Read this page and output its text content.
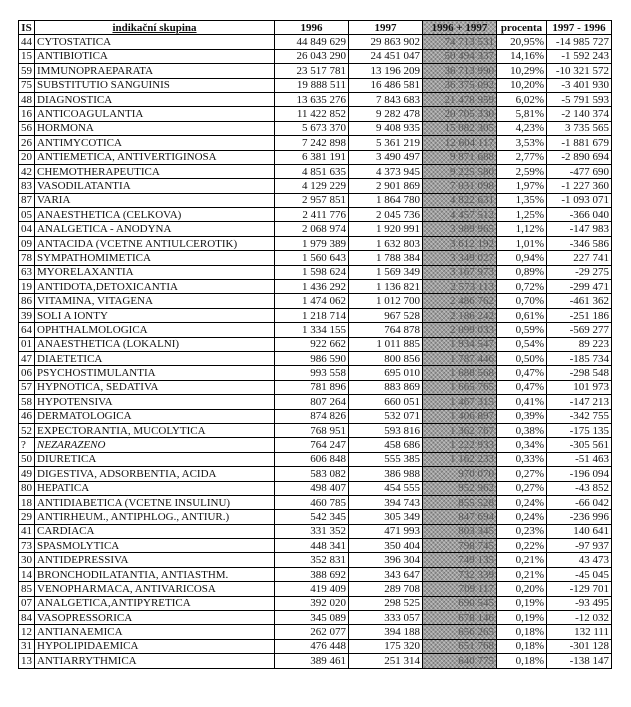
IS	indikační skupina	1996	1997	1996 + 1997	procenta	1997 - 1996
44	CYTOSTATICA	44 849 629	29 863 902	74 713 531	20,95%	-14 985 727
15	ANTIBIOTICA	26 043 290	24 451 047	50 494 337	14,16%	-1 592 243
59	IMMUNOPRAEPARATA	23 517 781	13 196 209	36 713 990	10,29%	-10 321 572
75	SUBSTITUTIO SANGUINIS	19 888 511	16 486 581	36 375 092	10,20%	-3 401 930
48	DIAGNOSTICA	13 635 276	7 843 683	21 478 959	6,02%	-5 791 593
16	ANTICOAGULANTIA	11 422 852	9 282 478	20 705 330	5,81%	-2 140 374
56	HORMONA	5 673 370	9 408 935	15 082 305	4,23%	3 735 565
26	ANTIMYCOTICA	7 242 898	5 361 219	12 604 117	3,53%	-1 881 679
20	ANTIEMETICA, ANTIVERTIGINOSA	6 381 191	3 490 497	9 871 688	2,77%	-2 890 694
42	CHEMOTHERAPEUTICA	4 851 635	4 373 945	9 225 580	2,59%	-477 690
83	VASODILATANTIA	4 129 229	2 901 869	7 031 098	1,97%	-1 227 360
87	VARIA	2 957 851	1 864 780	4 822 631	1,35%	-1 093 071
05	ANAESTHETICA (CELKOVA)	2 411 776	2 045 736	4 457 512	1,25%	-366 040
04	ANALGETICA - ANODYNA	2 068 974	1 920 991	3 989 965	1,12%	-147 983
09	ANTACIDA (VCETNE ANTIULCEROTIK)	1 979 389	1 632 803	3 612 192	1,01%	-346 586
78	SYMPATHOMIMETICA	1 560 643	1 788 384	3 349 027	0,94%	227 741
63	MYORELAXANTIA	1 598 624	1 569 349	3 167 973	0,89%	-29 275
19	ANTIDOTA,DETOXICANTIA	1 436 292	1 136 821	2 573 113	0,72%	-299 471
86	VITAMINA, VITAGENA	1 474 062	1 012 700	2 486 762	0,70%	-461 362
39	SOLI A IONTY	1 218 714	967 528	2 186 242	0,61%	-251 186
64	OPHTHALMOLOGICA	1 334 155	764 878	2 099 033	0,59%	-569 277
01	ANAESTHETICA (LOKALNI)	922 662	1 011 885	1 934 547	0,54%	89 223
47	DIAETETICA	986 590	800 856	1 787 446	0,50%	-185 734
06	PSYCHOSTIMULANTIA	993 558	695 010	1 688 568	0,47%	-298 548
57	HYPNOTICA, SEDATIVA	781 896	883 869	1 665 765	0,47%	101 973
58	HYPOTENSIVA	807 264	660 051	1 467 315	0,41%	-147 213
46	DERMATOLOGICA	874 826	532 071	1 406 897	0,39%	-342 755
52	EXPECTORANTIA, MUCOLYTICA	768 951	593 816	1 362 767	0,38%	-175 135
?	NEZARAZENO	764 247	458 686	1 222 933	0,34%	-305 561
50	DIURETICA	606 848	555 385	1 162 233	0,33%	-51 463
49	DIGESTIVA, ADSORBENTIA, ACIDA	583 082	386 988	970 070	0,27%	-196 094
80	HEPATICA	498 407	454 555	952 962	0,27%	-43 852
18	ANTIDIABETICA (VCETNE INSULINU)	460 785	394 743	855 528	0,24%	-66 042
29	ANTIRHEUM., ANTIPHLOG., ANTIUR.)	542 345	305 349	847 694	0,24%	-236 996
41	CARDIACA	331 352	471 993	803 345	0,23%	140 641
73	SPASMOLYTICA	448 341	350 404	798 745	0,22%	-97 937
30	ANTIDEPRESSIVA	352 831	396 304	749 135	0,21%	43 473
14	BRONCHODILATANTIA, ANTIASTHM.	388 692	343 647	732 339	0,21%	-45 045
85	VENOPHARMACA, ANTIVARICOSA	419 409	289 708	709 117	0,20%	-129 701
07	ANALGETICA,ANTIPYRETICA	392 020	298 525	690 545	0,19%	-93 495
84	VASOPRESSORICA	345 089	333 057	678 146	0,19%	-12 032
12	ANTIANAEMICA	262 077	394 188	656 265	0,18%	132 111
31	HYPOLIPIDAEMICA	476 448	175 320	651 768	0,18%	-301 128
13	ANTIARRYTHMICA	389 461	251 314	640 775	0,18%	-138 147
